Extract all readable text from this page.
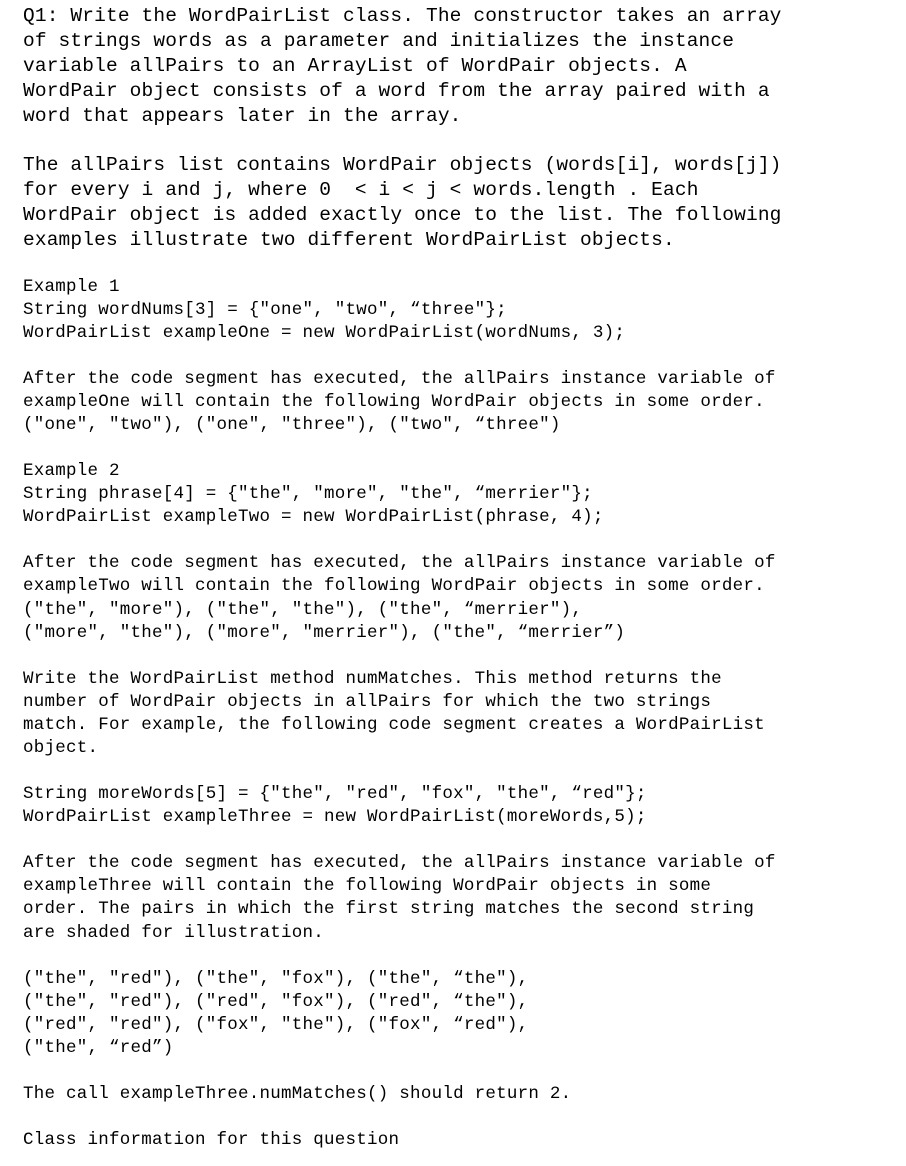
Q1: Write the WordPairList class. The constructor takes an array
of strings words as a parameter and initializes the instance
variable allPairs to an ArrayList of WordPair objects. A
WordPair object consists of a word from the array paired with a
word that appears later in the array.
The allPairs list contains WordPair objects (words[i], words[j])
for every i and j, where 0  < i < j < words.length . Each
WordPair object is added exactly once to the list. The following
examples illustrate two different WordPairList objects.
Example 1
String wordNums[3] = {"one", "two", “three"};
WordPairList exampleOne = new WordPairList(wordNums, 3);
After the code segment has executed, the allPairs instance variable of
exampleOne will contain the following WordPair objects in some order.
("one", "two"), ("one", "three"), ("two", “three")
Example 2
String phrase[4] = {"the", "more", "the", “merrier"};
WordPairList exampleTwo = new WordPairList(phrase, 4);
After the code segment has executed, the allPairs instance variable of
exampleTwo will contain the following WordPair objects in some order.
("the", "more"), ("the", "the"), ("the", “merrier"),
("more", "the"), ("more", "merrier"), ("the", “merrier”)
Write the WordPairList method numMatches. This method returns the
number of WordPair objects in allPairs for which the two strings
match. For example, the following code segment creates a WordPairList
object.
String moreWords[5] = {"the", "red", "fox", "the", “red"};
WordPairList exampleThree = new WordPairList(moreWords,5);
After the code segment has executed, the allPairs instance variable of
exampleThree will contain the following WordPair objects in some
order. The pairs in which the first string matches the second string
are shaded for illustration.
("the", "red"), ("the", "fox"), ("the", “the"),
("the", "red"), ("red", "fox"), ("red", “the"),
("red", "red"), ("fox", "the"), ("fox", “red"),
("the", “red”)
The call exampleThree.numMatches() should return 2.
Class information for this question
